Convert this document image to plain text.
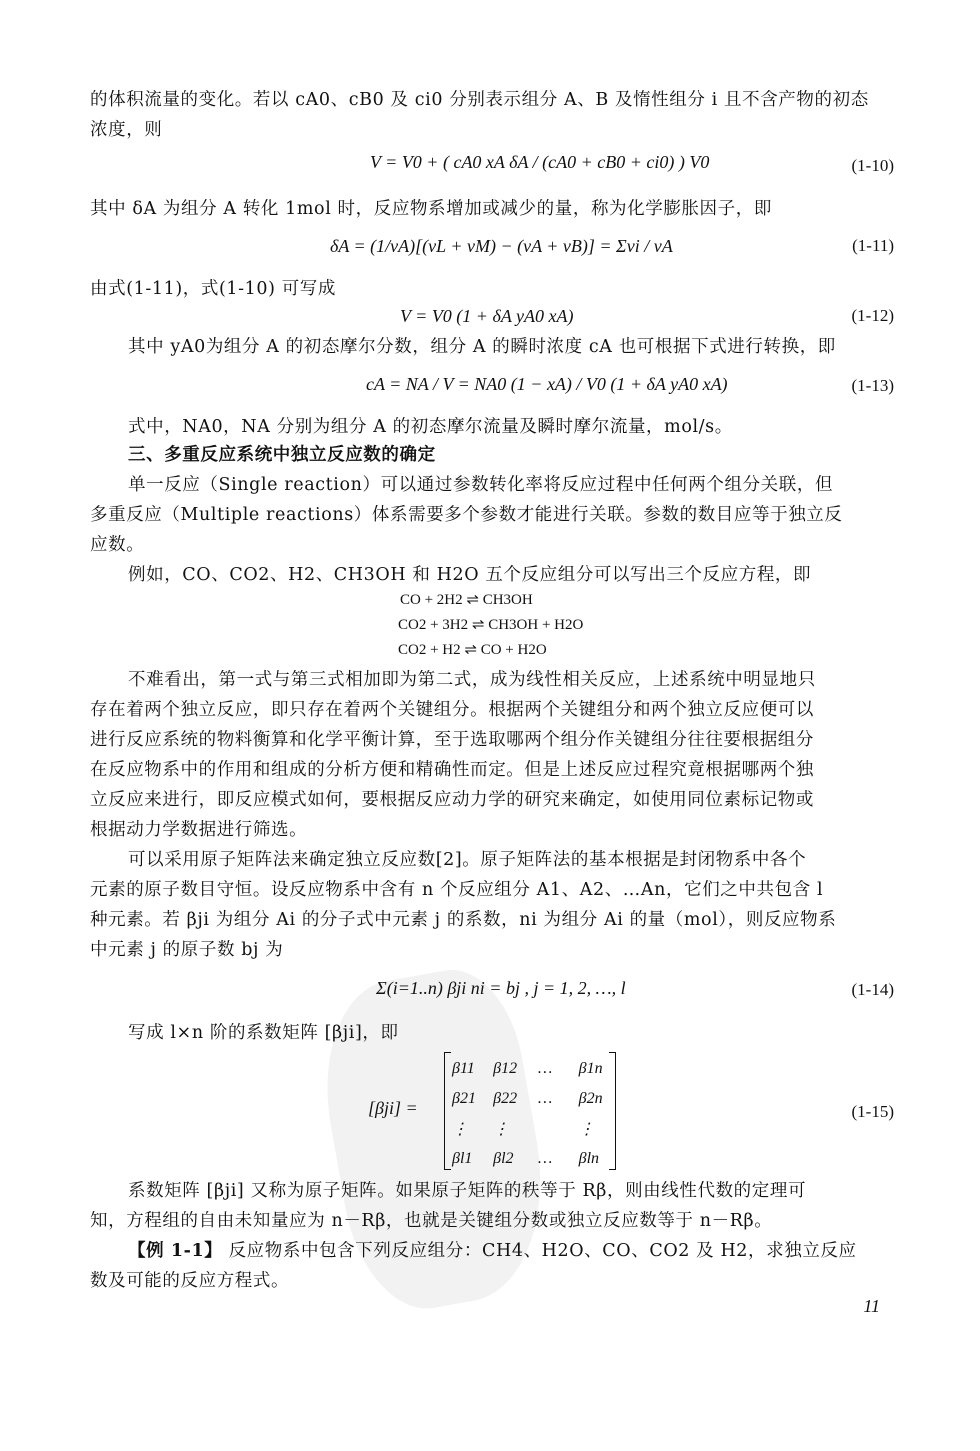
的体积流量的变化。若以 cA0、cB0 及 ci0 分别表示组分 A、B 及惰性组分 i 且不含产物的初态
浓度，则
V = V0 + ( cA0 xA δA / (cA0 + cB0 + ci0) ) V0	(1-10)
其中 δA 为组分 A 转化 1mol 时，反应物系增加或减少的量，称为化学膨胀因子，即
δA = (1/νA)[(νL + νM) − (νA + νB)] = Σνi / νA	(1-11)
由式(1-11)，式(1-10) 可写成
V = V0 (1 + δA yA0 xA)	(1-12)
其中 yA0为组分 A 的初态摩尔分数，组分 A 的瞬时浓度 cA 也可根据下式进行转换，即
cA = NA / V = NA0 (1 − xA) / V0 (1 + δA yA0 xA)	(1-13)
式中，NA0，NA 分别为组分 A 的初态摩尔流量及瞬时摩尔流量，mol/s。
三、多重反应系统中独立反应数的确定
单一反应（Single reaction）可以通过参数转化率将反应过程中任何两个组分关联，但
多重反应（Multiple reactions）体系需要多个参数才能进行关联。参数的数目应等于独立反
应数。
例如，CO、CO2、H2、CH3OH 和 H2O 五个反应组分可以写出三个反应方程，即
CO + 2H2 ⇌ CH3OH
CO2 + 3H2 ⇌ CH3OH + H2O
CO2 + H2 ⇌ CO + H2O
不难看出，第一式与第三式相加即为第二式，成为线性相关反应，上述系统中明显地只
存在着两个独立反应，即只存在着两个关键组分。根据两个关键组分和两个独立反应便可以
进行反应系统的物料衡算和化学平衡计算，至于选取哪两个组分作关键组分往往要根据组分
在反应物系中的作用和组成的分析方便和精确性而定。但是上述反应过程究竟根据哪两个独
立反应来进行，即反应模式如何，要根据反应动力学的研究来确定，如使用同位素标记物或
根据动力学数据进行筛选。
可以采用原子矩阵法来确定独立反应数[2]。原子矩阵法的基本根据是封闭物系中各个
元素的原子数目守恒。设反应物系中含有 n 个反应组分 A1、A2、…An，它们之中共包含 l
种元素。若 βji 为组分 Ai 的分子式中元素 j 的系数，ni 为组分 Ai 的量（mol），则反应物系
中元素 j 的原子数 bj 为
Σ(i=1..n) βji ni = bj , j = 1, 2, …, l	(1-14)
写成 l×n 阶的系数矩阵 [βji]，即
[βji] =
β11	β12	…	β1n
β21	β22	…	β2n
⋮	⋮		⋮
βl1	βl2	…	βln
(1-15)
系数矩阵 [βji] 又称为原子矩阵。如果原子矩阵的秩等于 Rβ，则由线性代数的定理可
知，方程组的自由未知量应为 n－Rβ，也就是关键组分数或独立反应数等于 n－Rβ。
【例 1-1】 反应物系中包含下列反应组分：CH4、H2O、CO、CO2 及 H2，求独立反应
数及可能的反应方程式。
11
